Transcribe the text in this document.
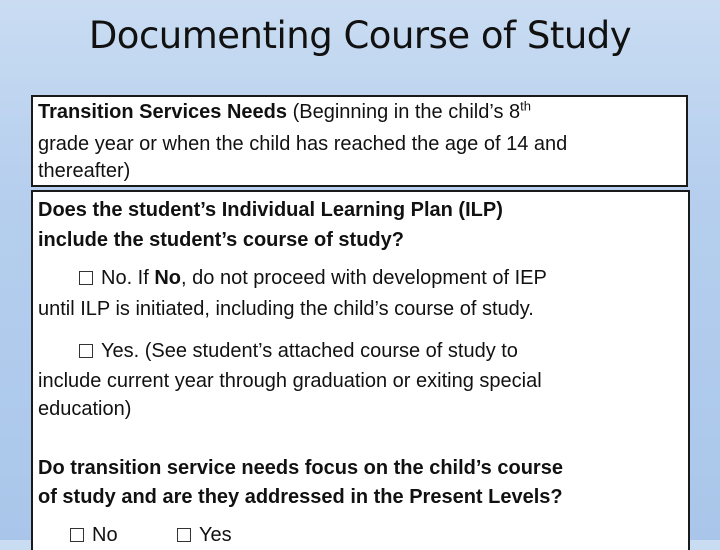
Documenting Course of Study

Transition Services Needs (Beginning in the child’s 8th

grade year or when the child has reached the age of 14 and

thereafter)

Does the student’s Individual Learning Plan (ILP)

include the student’s course of study?

No. If No, do not proceed with development of IEP

until ILP is initiated, including the child’s course of study.

Yes. (See student’s attached course of study to

include current year through graduation or exiting special

education)

Do transition service needs focus on the child’s course

of study and are they addressed in the Present Levels?

No	Yes
